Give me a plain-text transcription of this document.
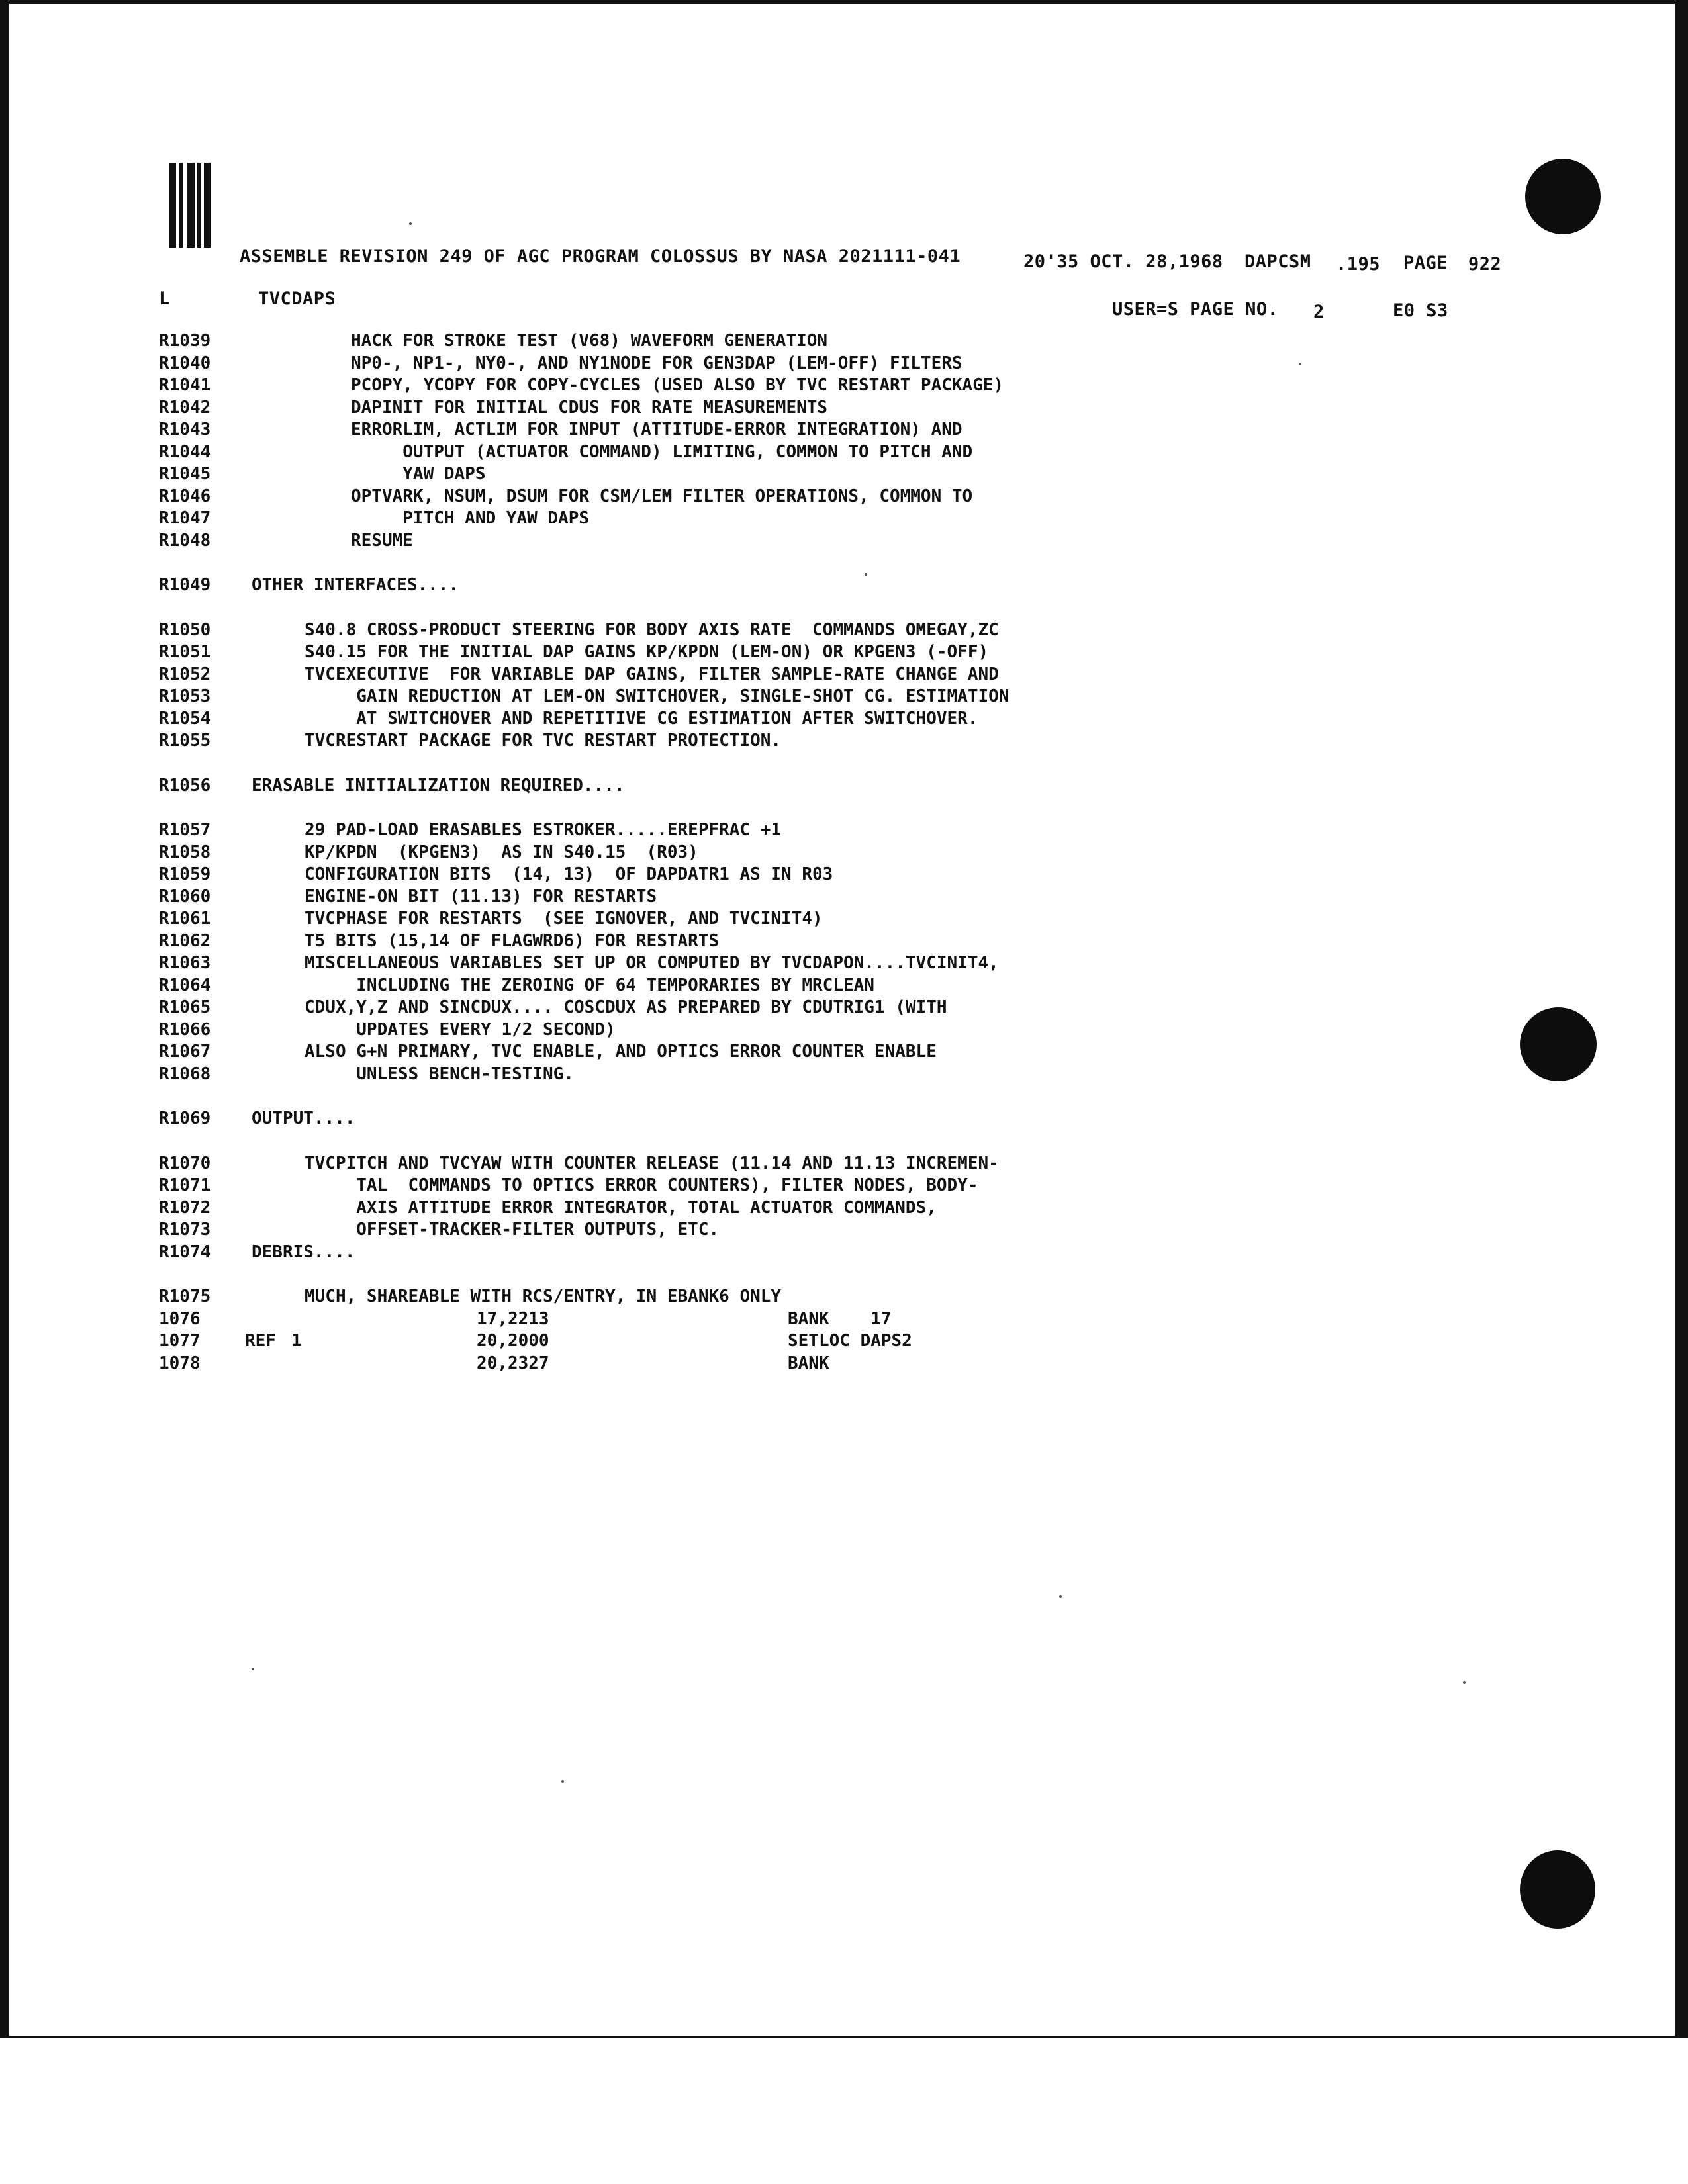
ASSEMBLE REVISION 249 OF AGC PROGRAM COLOSSUS BY NASA 2021111-041	20'35 OCT. 28,1968 DAPCSM .195 PAGE 922
L	TVCDAPS
USER=S PAGE NO. 2	E0 S3
R1039	HACK FOR STROKE TEST (V68) WAVEFORM GENERATION
R1040	NP0-, NP1-, NY0-, AND NY1NODE FOR GEN3DAP (LEM-OFF) FILTERS
R1041	PCOPY, YCOPY FOR COPY-CYCLES (USED ALSO BY TVC RESTART PACKAGE)
R1042	DAPINIT FOR INITIAL CDUS FOR RATE MEASUREMENTS
R1043	ERRORLIM, ACTLIM FOR INPUT (ATTITUDE-ERROR INTEGRATION) AND
R1044	OUTPUT (ACTUATOR COMMAND) LIMITING, COMMON TO PITCH AND
R1045	YAW DAPS
R1046	OPTVARK, NSUM, DSUM FOR CSM/LEM FILTER OPERATIONS, COMMON TO
R1047	PITCH AND YAW DAPS
R1048	RESUME
R1049	OTHER INTERFACES....
R1050	S40.8 CROSS-PRODUCT STEERING FOR BODY AXIS RATE  COMMANDS OMEGAY,ZC
R1051	S40.15 FOR THE INITIAL DAP GAINS KP/KPDN (LEM-ON) OR KPGEN3 (-OFF)
R1052	TVCEXECUTIVE  FOR VARIABLE DAP GAINS, FILTER SAMPLE-RATE CHANGE AND
R1053	GAIN REDUCTION AT LEM-ON SWITCHOVER, SINGLE-SHOT CG. ESTIMATION
R1054	AT SWITCHOVER AND REPETITIVE CG ESTIMATION AFTER SWITCHOVER.
R1055	TVCRESTART PACKAGE FOR TVC RESTART PROTECTION.
R1056	ERASABLE INITIALIZATION REQUIRED....
R1057	29 PAD-LOAD ERASABLES ESTROKER.....EREPFRAC +1
R1058	KP/KPDN  (KPGEN3)  AS IN S40.15  (R03)
R1059	CONFIGURATION BITS  (14, 13)  OF DAPDATR1 AS IN R03
R1060	ENGINE-ON BIT (11.13) FOR RESTARTS
R1061	TVCPHASE FOR RESTARTS  (SEE IGNOVER, AND TVCINIT4)
R1062	T5 BITS (15,14 OF FLAGWRD6) FOR RESTARTS
R1063	MISCELLANEOUS VARIABLES SET UP OR COMPUTED BY TVCDAPON....TVCINIT4,
R1064	INCLUDING THE ZEROING OF 64 TEMPORARIES BY MRCLEAN
R1065	CDUX,Y,Z AND SINCDUX.... COSCDUX AS PREPARED BY CDUTRIG1 (WITH
R1066	UPDATES EVERY 1/2 SECOND)
R1067	ALSO G+N PRIMARY, TVC ENABLE, AND OPTICS ERROR COUNTER ENABLE
R1068	UNLESS BENCH-TESTING.
R1069	OUTPUT....
R1070	TVCPITCH AND TVCYAW WITH COUNTER RELEASE (11.14 AND 11.13 INCREMEN-
R1071	TAL  COMMANDS TO OPTICS ERROR COUNTERS), FILTER NODES, BODY-
R1072	AXIS ATTITUDE ERROR INTEGRATOR, TOTAL ACTUATOR COMMANDS,
R1073	OFFSET-TRACKER-FILTER OUTPUTS, ETC.
R1074	DEBRIS....
R1075	MUCH, SHAREABLE WITH RCS/ENTRY, IN EBANK6 ONLY
1076	17,2213	BANK    17
1077	REF 1	20,2000	SETLOC DAPS2
1078	20,2327	BANK
